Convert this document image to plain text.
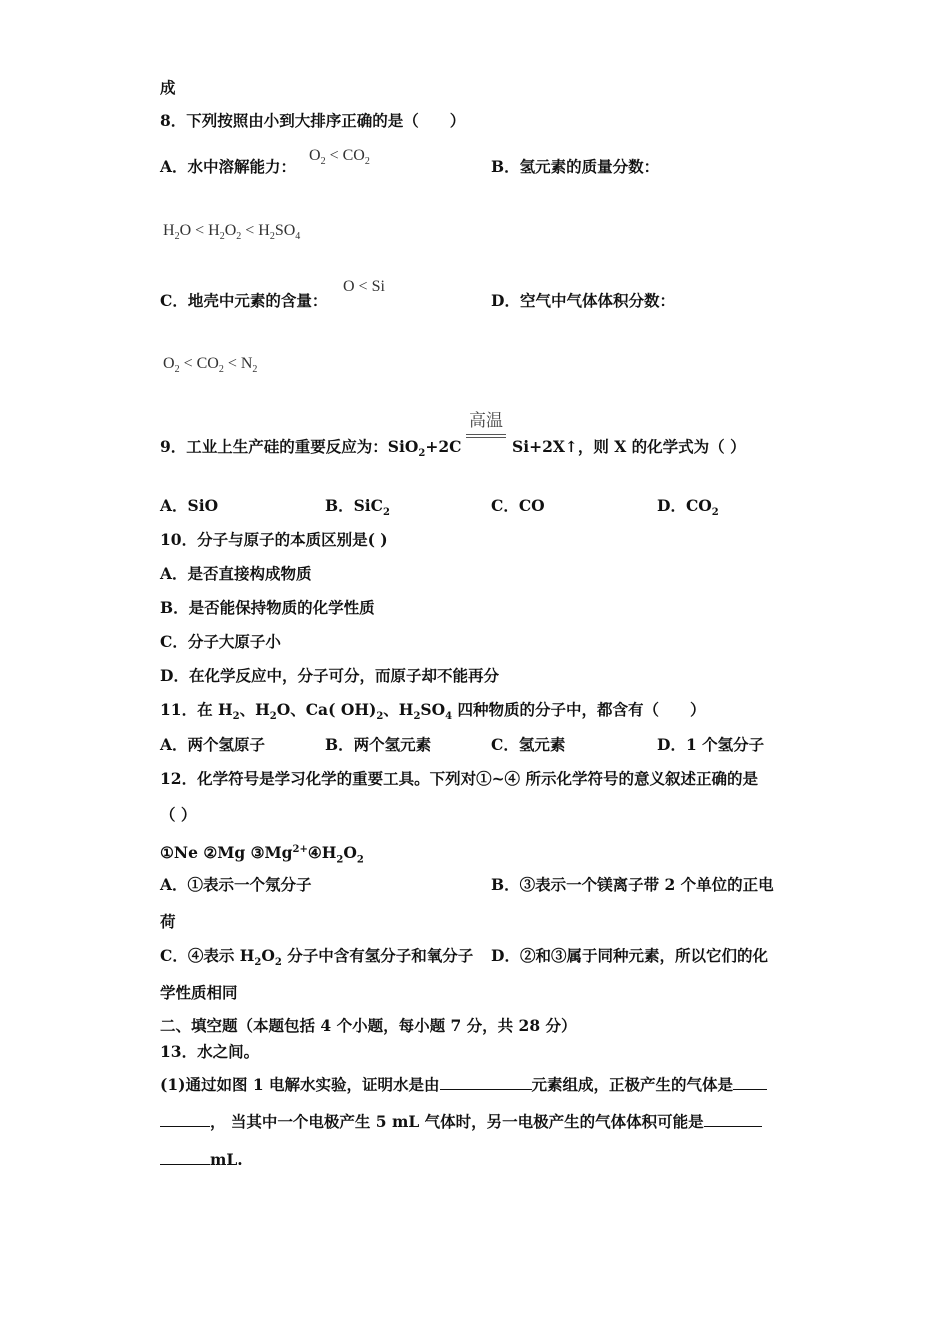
成
8．下列按照由小到大排序正确的是（　　）
A．水中溶解能力：
$O_2 < CO_2$	B．氢元素的质量分数：
$H_2O < H_2O_2 < H_2SO_4$
C．地壳中元素的含量：
O < Si
D．空气中气体体积分数：
$O_2 < CO_2 < N_2$
高温
9．工业上生产硅的重要反应为：SiO$_2$+2C	Si+2X↑，则 X 的化学式为（ ）
A．SiO	B．SiC$_2$	C．CO	D．$CO_2$
10．分子与原子的本质区别是( )
A．是否直接构成物质
B．是否能保持物质的化学性质
C．分子大原子小
D．在化学反应中，分子可分，而原子却不能再分
11．在 $H_2$、$H_2O$、Ca( $OH)_2$、$H_2SO_4$ 四种物质的分子中，都含有（　　）
A．两个氢原子	B．两个氢元素	C．氢元素	D．1 个氢分子
12．化学符号是学习化学的重要工具。下列对①~④ 所示化学符号的意义叙述正确的是
（ ）
①Ne ②Mg $③Mg^{2+}④H_2O_2$
A．①表示一个氖分子	B．③表示一个镁离子带 2 个单位的正电
荷
C．④表示 $H_2O_2$ 分子中含有氢分子和氧分子 D．②和③属于同种元素，所以它们的化
学性质相同
二、填空题（本题包括 4 个小题，每小题 7 分，共 28 分）
13．水之间。
(1)通过如图 1 电解水实验，证明水是由	元素组成，正极产生的气体是
， 当其中一个电极产生 5 mL 气体时，另一电极产生的气体体积可能是
mL.
